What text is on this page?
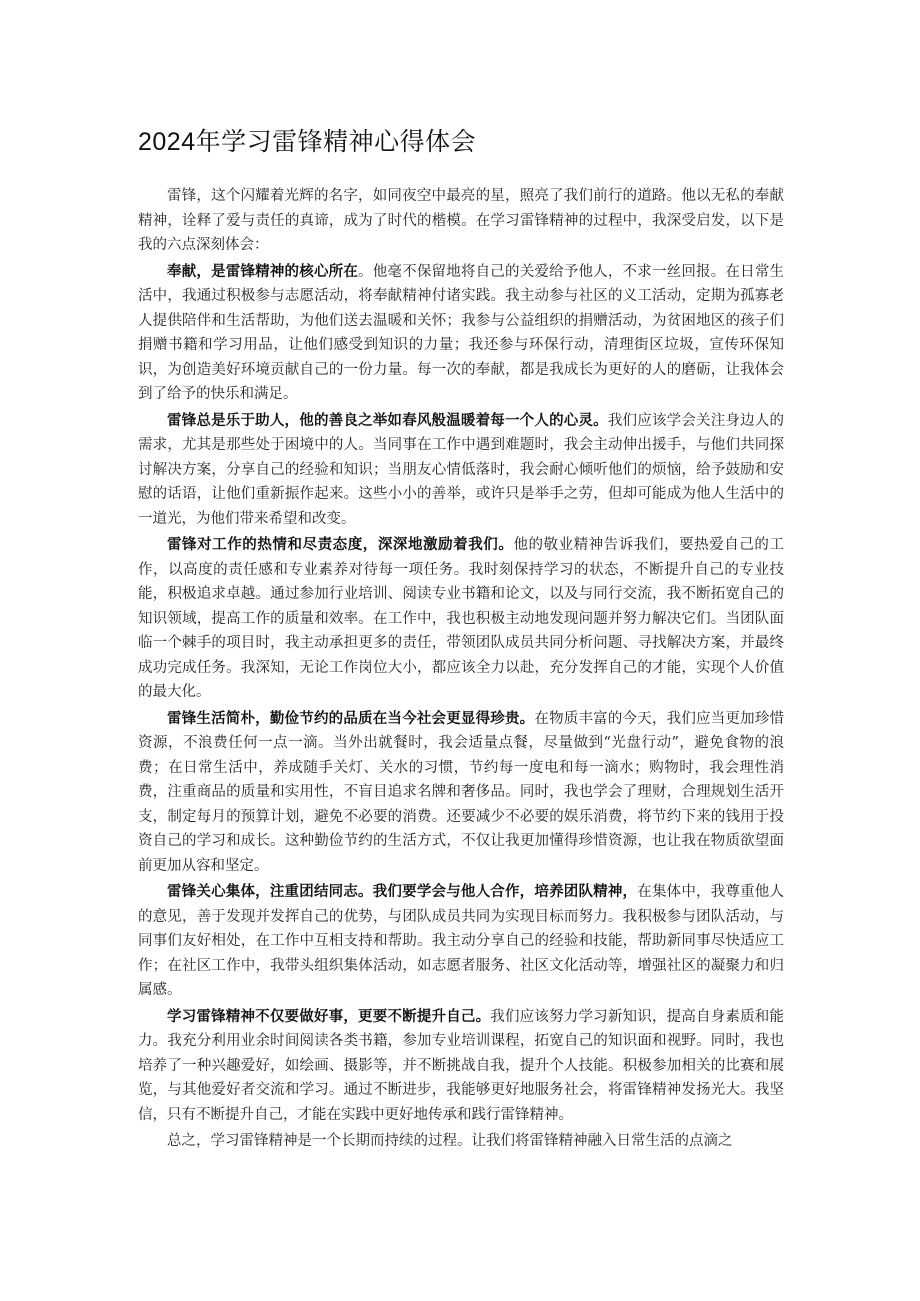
2024年学习雷锋精神心得体会

雷锋，这个闪耀着光辉的名字，如同夜空中最亮的星，照亮了我们前行的道路。他以无私的奉献精神，诠释了爱与责任的真谛，成为了时代的楷模。在学习雷锋精神的过程中，我深受启发，以下是我的六点深刻体会：

奉献，是雷锋精神的核心所在。他毫不保留地将自己的关爱给予他人，不求一丝回报。在日常生活中，我通过积极参与志愿活动，将奉献精神付诸实践。我主动参与社区的义工活动，定期为孤寡老人提供陪伴和生活帮助，为他们送去温暖和关怀；我参与公益组织的捐赠活动，为贫困地区的孩子们捐赠书籍和学习用品，让他们感受到知识的力量；我还参与环保行动，清理街区垃圾，宣传环保知识，为创造美好环境贡献自己的一份力量。每一次的奉献，都是我成长为更好的人的磨砺，让我体会到了给予的快乐和满足。

雷锋总是乐于助人，他的善良之举如春风般温暖着每一个人的心灵。我们应该学会关注身边人的需求，尤其是那些处于困境中的人。当同事在工作中遇到难题时，我会主动伸出援手，与他们共同探讨解决方案，分享自己的经验和知识；当朋友心情低落时，我会耐心倾听他们的烦恼，给予鼓励和安慰的话语，让他们重新振作起来。这些小小的善举，或许只是举手之劳，但却可能成为他人生活中的一道光，为他们带来希望和改变。

雷锋对工作的热情和尽责态度，深深地激励着我们。他的敬业精神告诉我们，要热爱自己的工作，以高度的责任感和专业素养对待每一项任务。我时刻保持学习的状态，不断提升自己的专业技能，积极追求卓越。通过参加行业培训、阅读专业书籍和论文，以及与同行交流，我不断拓宽自己的知识领域，提高工作的质量和效率。在工作中，我也积极主动地发现问题并努力解决它们。当团队面临一个棘手的项目时，我主动承担更多的责任，带领团队成员共同分析问题、寻找解决方案，并最终成功完成任务。我深知，无论工作岗位大小，都应该全力以赴，充分发挥自己的才能，实现个人价值的最大化。

雷锋生活简朴，勤俭节约的品质在当今社会更显得珍贵。在物质丰富的今天，我们应当更加珍惜资源，不浪费任何一点一滴。当外出就餐时，我会适量点餐，尽量做到“光盘行动”，避免食物的浪费；在日常生活中，养成随手关灯、关水的习惯，节约每一度电和每一滴水；购物时，我会理性消费，注重商品的质量和实用性，不盲目追求名牌和奢侈品。同时，我也学会了理财，合理规划生活开支，制定每月的预算计划，避免不必要的消费。还要减少不必要的娱乐消费，将节约下来的钱用于投资自己的学习和成长。这种勤俭节约的生活方式，不仅让我更加懂得珍惜资源，也让我在物质欲望面前更加从容和坚定。

雷锋关心集体，注重团结同志。我们要学会与他人合作，培养团队精神，在集体中，我尊重他人的意见，善于发现并发挥自己的优势，与团队成员共同为实现目标而努力。我积极参与团队活动，与同事们友好相处，在工作中互相支持和帮助。我主动分享自己的经验和技能，帮助新同事尽快适应工作；在社区工作中，我带头组织集体活动，如志愿者服务、社区文化活动等，增强社区的凝聚力和归属感。

学习雷锋精神不仅要做好事，更要不断提升自己。我们应该努力学习新知识，提高自身素质和能力。我充分利用业余时间阅读各类书籍，参加专业培训课程，拓宽自己的知识面和视野。同时，我也培养了一种兴趣爱好，如绘画、摄影等，并不断挑战自我，提升个人技能。积极参加相关的比赛和展览，与其他爱好者交流和学习。通过不断进步，我能够更好地服务社会，将雷锋精神发扬光大。我坚信，只有不断提升自己，才能在实践中更好地传承和践行雷锋精神。

总之，学习雷锋精神是一个长期而持续的过程。让我们将雷锋精神融入日常生活的点滴之
